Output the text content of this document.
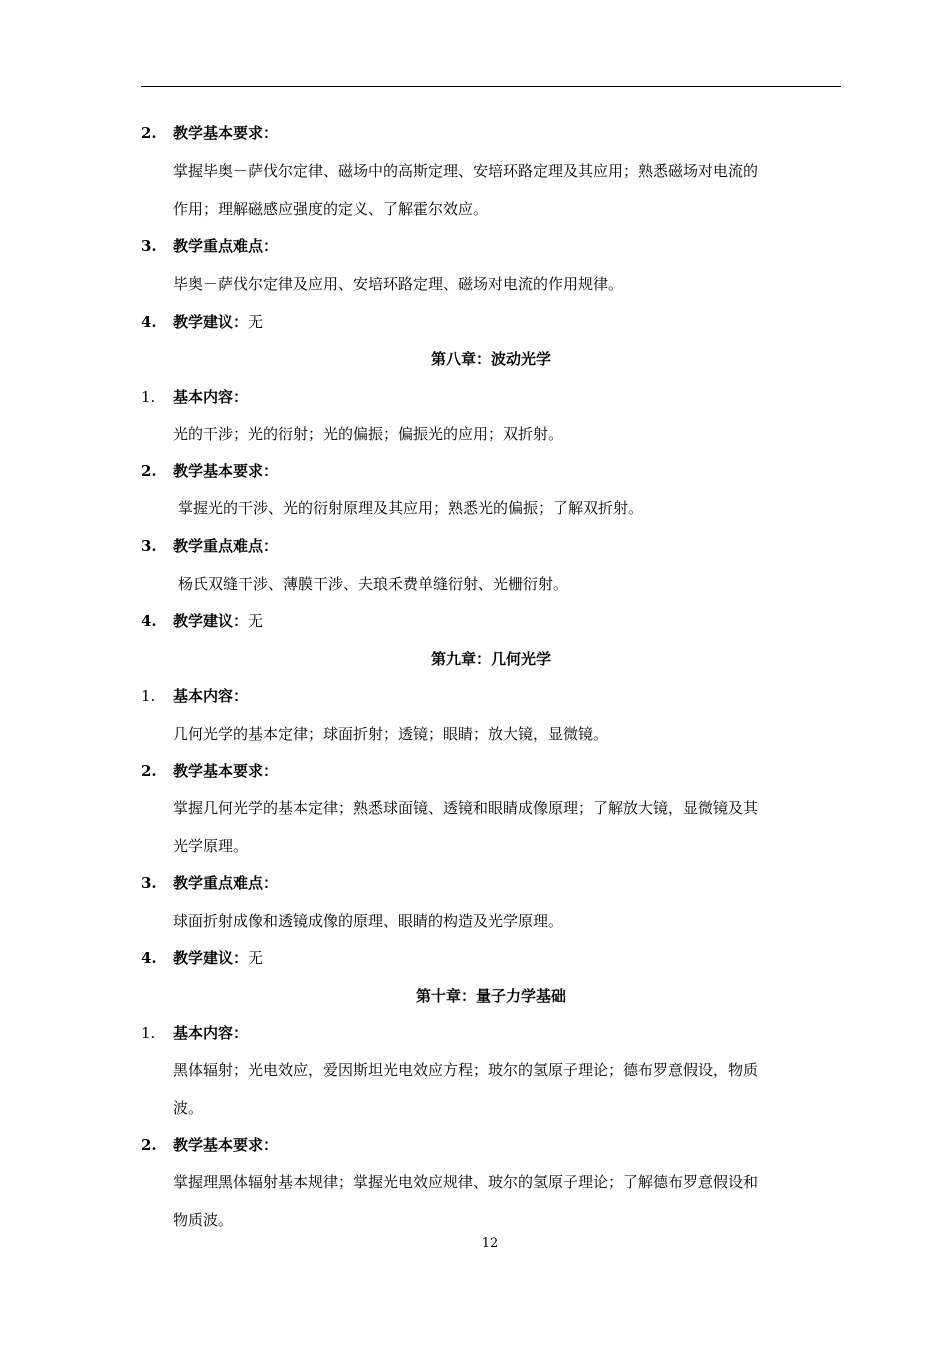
2. 教学基本要求：
掌握毕奥－萨伐尔定律、磁场中的高斯定理、安培环路定理及其应用；熟悉磁场对电流的
作用；理解磁感应强度的定义、了解霍尔效应。
3. 教学重点难点：
毕奥－萨伐尔定律及应用、安培环路定理、磁场对电流的作用规律。
4. 教学建议：无
第八章：波动光学
1. 基本内容：
光的干涉；光的衍射；光的偏振；偏振光的应用；双折射。
2. 教学基本要求：
掌握光的干涉、光的衍射原理及其应用；熟悉光的偏振；了解双折射。
3. 教学重点难点：
杨氏双缝干涉、薄膜干涉、夫琅禾费单缝衍射、光栅衍射。
4. 教学建议：无
第九章：几何光学
1. 基本内容：
几何光学的基本定律；球面折射；透镜；眼睛；放大镜，显微镜。
2. 教学基本要求：
掌握几何光学的基本定律；熟悉球面镜、透镜和眼睛成像原理；了解放大镜，显微镜及其
光学原理。
3. 教学重点难点：
球面折射成像和透镜成像的原理、眼睛的构造及光学原理。
4. 教学建议：无
第十章：量子力学基础
1. 基本内容：
黑体辐射；光电效应，爱因斯坦光电效应方程；玻尔的氢原子理论；德布罗意假设，物质
波。
2. 教学基本要求：
掌握理黑体辐射基本规律；掌握光电效应规律、玻尔的氢原子理论；了解德布罗意假设和
物质波。
12
